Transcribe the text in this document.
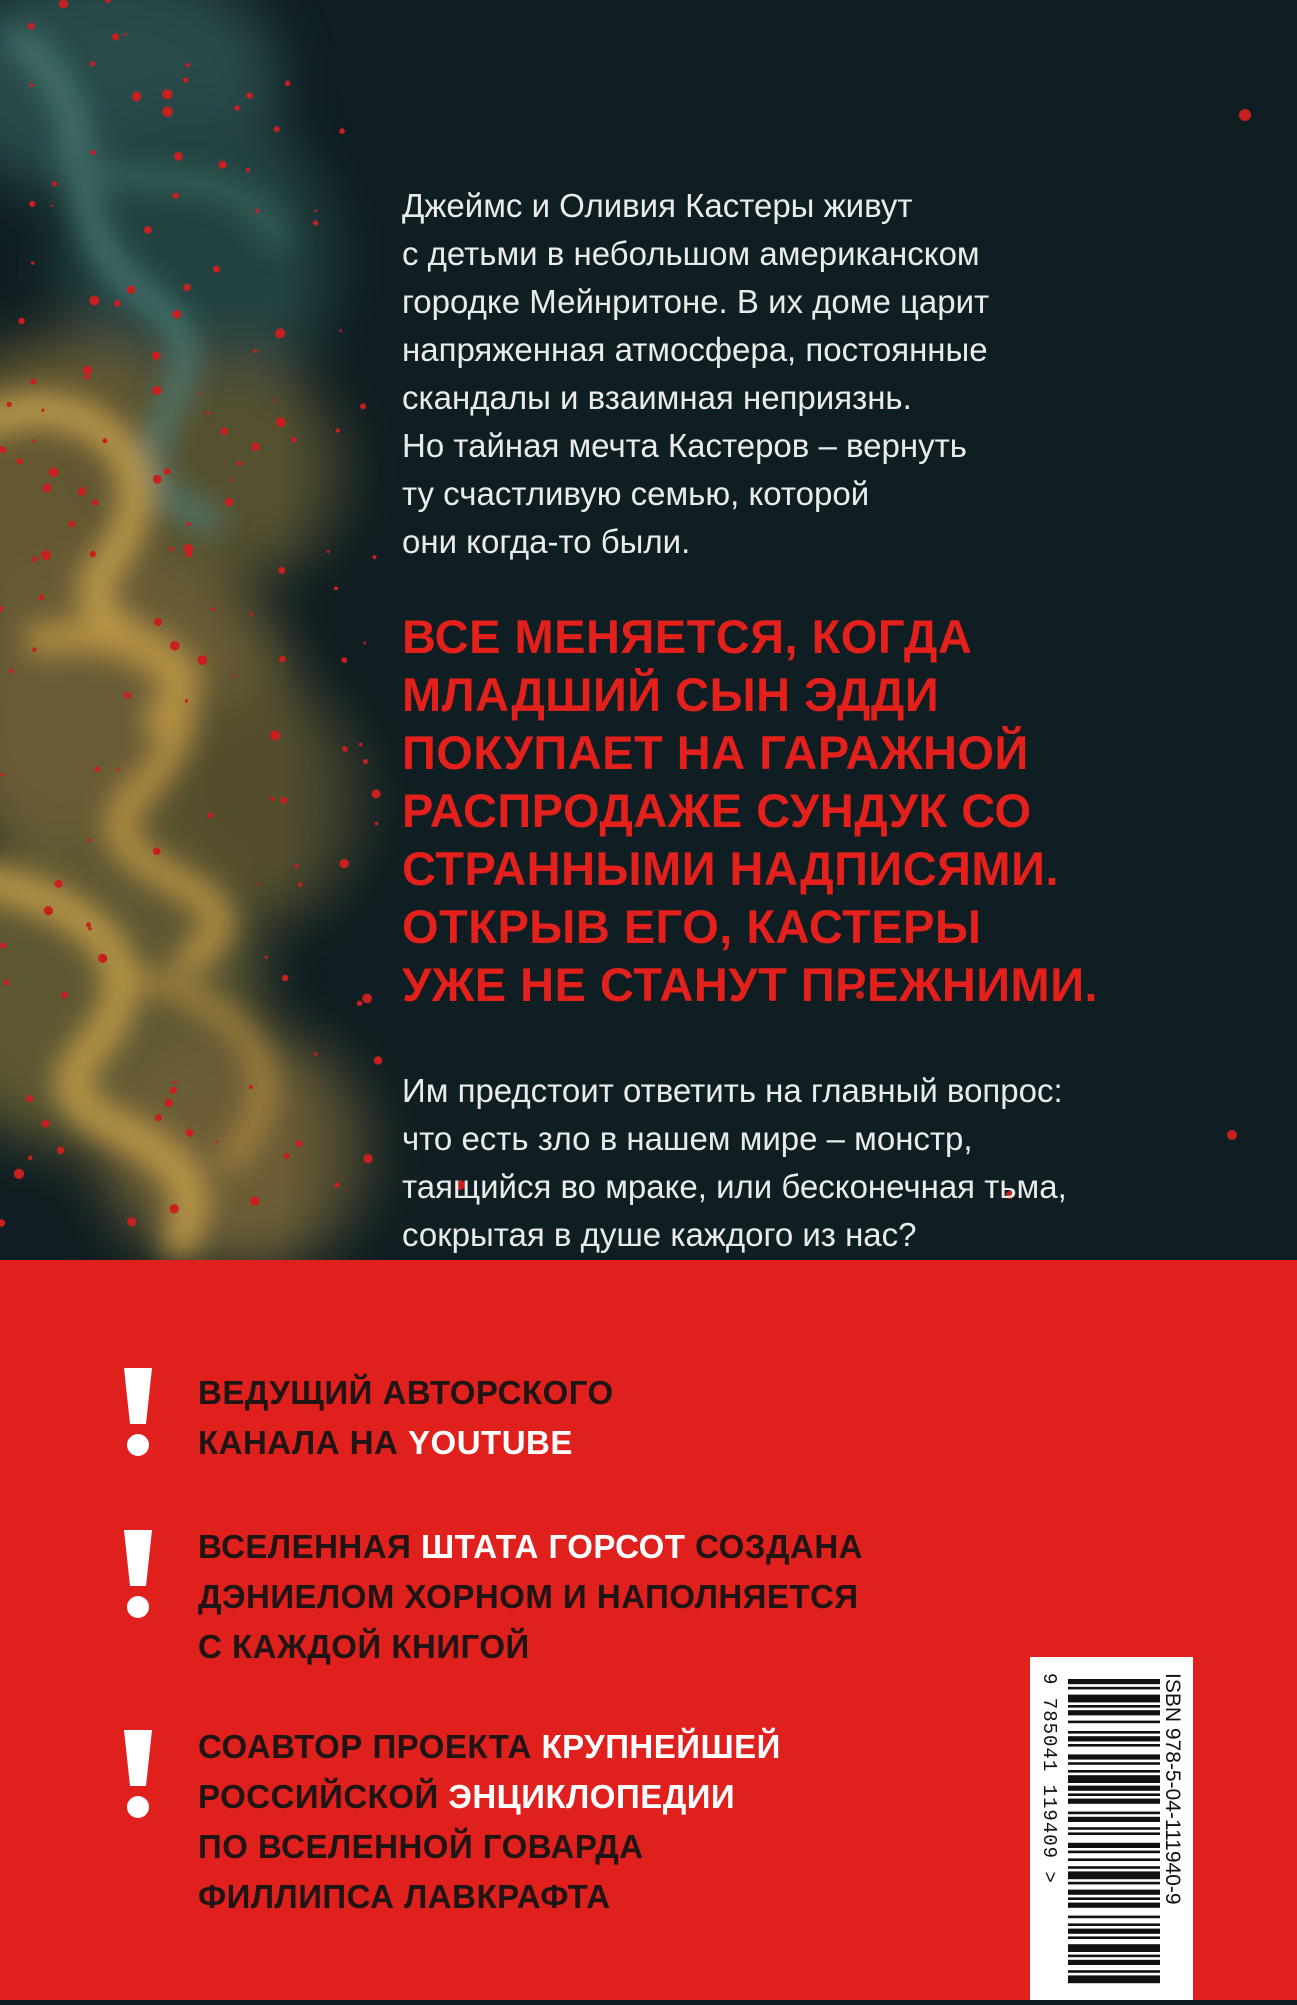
Джеймс и Оливия Кастеры живут
с детьми в небольшом американском
городке Мейнритоне. В их доме царит
напряженная атмосфера, постоянные
скандалы и взаимная неприязнь.
Но тайная мечта Кастеров – вернуть
ту счастливую семью, которой
они когда-то были.
ВСЕ МЕНЯЕТСЯ, КОГДА
МЛАДШИЙ СЫН ЭДДИ
ПОКУПАЕТ НА ГАРАЖНОЙ
РАСПРОДАЖЕ СУНДУК СО
СТРАННЫМИ НАДПИСЯМИ.
ОТКРЫВ ЕГО, КАСТЕРЫ
УЖЕ НЕ СТАНУТ ПРЕЖНИМИ.
Им предстоит ответить на главный вопрос:
что есть зло в нашем мире – монстр,
таящийся во мраке, или бесконечная тьма,
сокрытая в душе каждого из нас?
ВЕДУЩИЙ АВТОРСКОГО
КАНАЛА НА YOUTUBE
ВСЕЛЕННАЯ ШТАТА ГОРСОТ СОЗДАНА
ДЭНИЕЛОМ ХОРНОМ И НАПОЛНЯЕТСЯ
С КАЖДОЙ КНИГОЙ
СОАВТОР ПРОЕКТА КРУПНЕЙШЕЙ
РОССИЙСКОЙ ЭНЦИКЛОПЕДИИ
ПО ВСЕЛЕННОЙ ГОВАРДА
ФИЛЛИПСА ЛАВКРАФТА	ISBN 978-5-04-111940-9
9 785041 119409 >
